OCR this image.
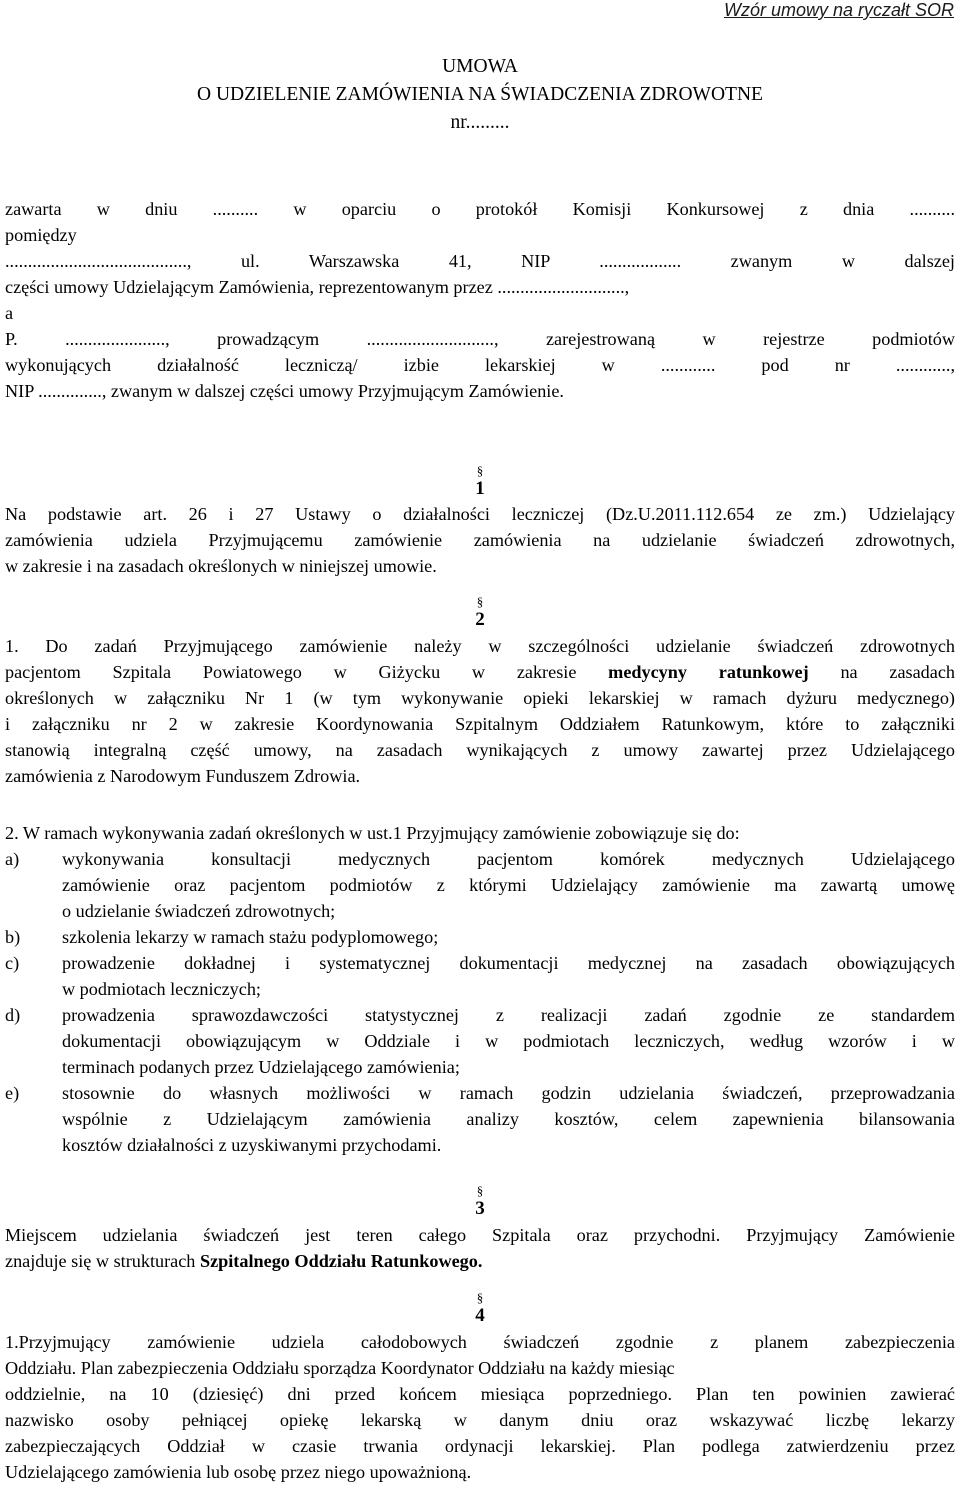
Wzór umowy na ryczałt SOR
UMOWA
O UDZIELENIE ZAMÓWIENIA NA ŚWIADCZENIA ZDROWOTNE
nr.........
zawarta w dniu .......... w oparciu o protokół Komisji Konkursowej z dnia ..........
pomiędzy
........................................, ul. Warszawska 41, NIP .................. zwanym w dalszej
części umowy Udzielającym Zamówienia, reprezentowanym przez ............................,
a
P. ......................, prowadzącym ............................, zarejestrowaną w rejestrze podmiotów
wykonujących działalność leczniczą/ izbie lekarskiej w ............ pod nr ............,
NIP .............., zwanym w dalszej części umowy Przyjmującym Zamówienie.
§
1
Na podstawie art. 26 i 27 Ustawy o działalności leczniczej (Dz.U.2011.112.654 ze zm.) Udzielający
zamówienia udziela Przyjmującemu zamówienie zamówienia na udzielanie świadczeń zdrowotnych,
w zakresie i na zasadach określonych w niniejszej umowie.
§
2
1. Do zadań Przyjmującego zamówienie należy w szczególności udzielanie świadczeń zdrowotnych
pacjentom Szpitala Powiatowego w Giżycku w zakresie medycyny ratunkowej na zasadach
określonych w załączniku Nr 1 (w tym wykonywanie opieki lekarskiej w ramach dyżuru medycznego)
i załączniku nr 2 w zakresie Koordynowania Szpitalnym Oddziałem Ratunkowym, które to załączniki
stanowią integralną część umowy, na zasadach wynikających z umowy zawartej przez Udzielającego
zamówienia z Narodowym Funduszem Zdrowia.
2. W ramach wykonywania zadań określonych w ust.1 Przyjmujący zamówienie zobowiązuje się do:
a) wykonywania konsultacji medycznych pacjentom komórek medycznych Udzielającego
zamówienie oraz pacjentom podmiotów z którymi Udzielający zamówienie ma zawartą umowę
o udzielanie świadczeń zdrowotnych;
b) szkolenia lekarzy w ramach stażu podyplomowego;
c) prowadzenie dokładnej i systematycznej dokumentacji medycznej na zasadach obowiązujących
w podmiotach leczniczych;
d) prowadzenia sprawozdawczości statystycznej z realizacji zadań zgodnie ze standardem
dokumentacji obowiązującym w Oddziale i w podmiotach leczniczych, według wzorów i w
terminach podanych przez Udzielającego zamówienia;
e) stosownie do własnych możliwości w ramach godzin udzielania świadczeń, przeprowadzania
wspólnie z Udzielającym zamówienia analizy kosztów, celem zapewnienia bilansowania
kosztów działalności z uzyskiwanymi przychodami.
§
3
Miejscem udzielania świadczeń jest teren całego Szpitala oraz przychodni. Przyjmujący Zamówienie
znajduje się w strukturach Szpitalnego Oddziału Ratunkowego.
§
4
1.Przyjmujący zamówienie udziela całodobowych świadczeń zgodnie z planem zabezpieczenia
Oddziału. Plan zabezpieczenia Oddziału sporządza Koordynator Oddziału na każdy miesiąc
oddzielnie, na 10 (dziesięć) dni przed końcem miesiąca poprzedniego. Plan ten powinien zawierać
nazwisko osoby pełniącej opiekę lekarską w danym dniu oraz wskazywać liczbę lekarzy
zabezpieczających Oddział w czasie trwania ordynacji lekarskiej. Plan podlega zatwierdzeniu przez
Udzielającego zamówienia lub osobę przez niego upoważnioną.
